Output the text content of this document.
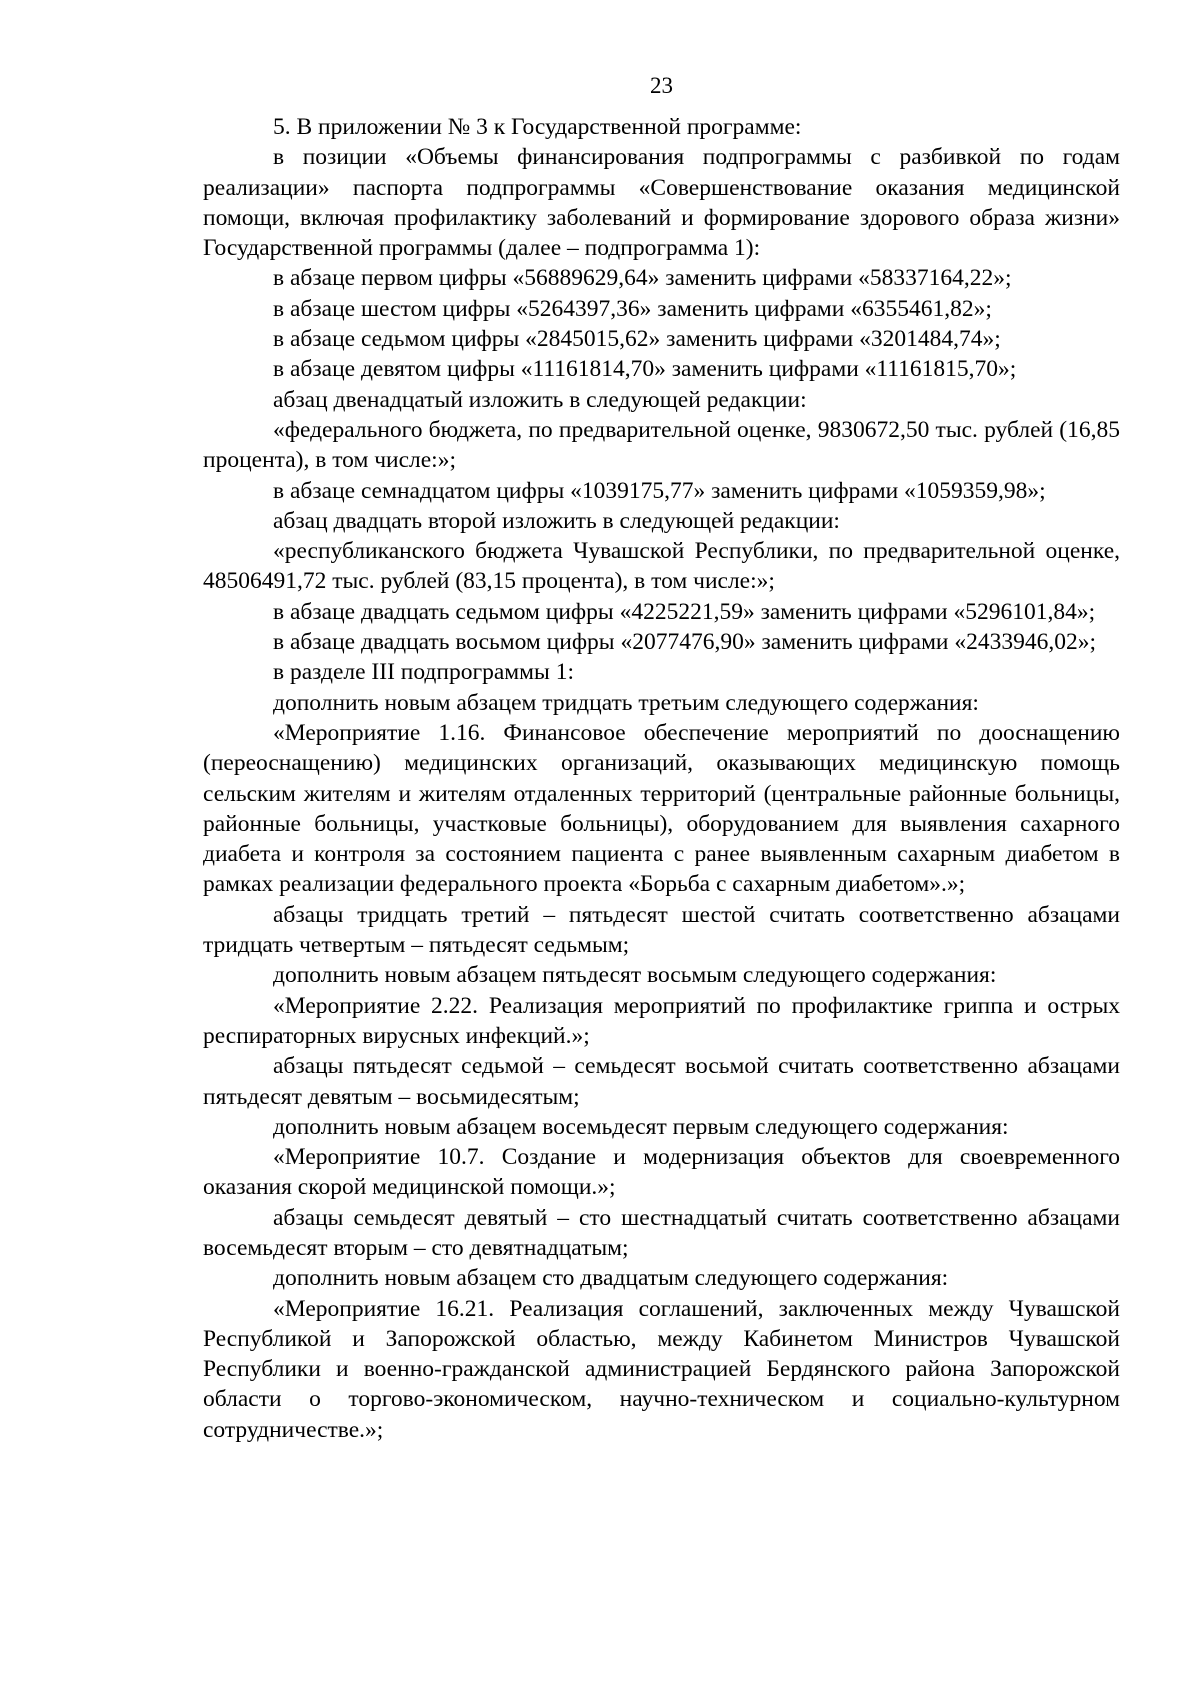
23

5. В приложении № 3 к Государственной программе:

в позиции «Объемы финансирования подпрограммы с разбивкой по годам реализации» паспорта подпрограммы «Совершенствование оказания медицинской помощи, включая профилактику заболеваний и формирование здорового образа жизни» Государственной программы (далее – подпрограмма 1):

в абзаце первом цифры «56889629,64» заменить цифрами «58337164,22»;

в абзаце шестом цифры «5264397,36» заменить цифрами «6355461,82»;

в абзаце седьмом цифры «2845015,62» заменить цифрами «3201484,74»;

в абзаце девятом цифры «11161814,70» заменить цифрами «11161815,70»;

абзац двенадцатый изложить в следующей редакции:

«федерального бюджета, по предварительной оценке, 9830672,50 тыс. рублей (16,85 процента), в том числе:»;

в абзаце семнадцатом цифры «1039175,77» заменить цифрами «1059359,98»;

абзац двадцать второй изложить в следующей редакции:

«республиканского бюджета Чувашской Республики, по предварительной оценке, 48506491,72 тыс. рублей (83,15 процента), в том числе:»;

в абзаце двадцать седьмом цифры «4225221,59» заменить цифрами «5296101,84»;

в абзаце двадцать восьмом цифры «2077476,90» заменить цифрами «2433946,02»;

в разделе III подпрограммы 1:

дополнить новым абзацем тридцать третьим следующего содержания:

«Мероприятие 1.16. Финансовое обеспечение мероприятий по дооснащению (переоснащению) медицинских организаций, оказывающих медицинскую помощь сельским жителям и жителям отдаленных территорий (центральные районные больницы, районные больницы, участковые больницы), оборудованием для выявления сахарного диабета и контроля за состоянием пациента с ранее выявленным сахарным диабетом в рамках реализации федерального проекта «Борьба с сахарным диабетом».»;

абзацы тридцать третий – пятьдесят шестой считать соответственно абзацами тридцать четвертым – пятьдесят седьмым;

дополнить новым абзацем пятьдесят восьмым следующего содержания:

«Мероприятие 2.22. Реализация мероприятий по профилактике гриппа и острых респираторных вирусных инфекций.»;

абзацы пятьдесят седьмой – семьдесят восьмой считать соответственно абзацами пятьдесят девятым – восьмидесятым;

дополнить новым абзацем восемьдесят первым следующего содержания:

«Мероприятие 10.7. Создание и модернизация объектов для своевременного оказания скорой медицинской помощи.»;

абзацы семьдесят девятый – сто шестнадцатый считать соответственно абзацами восемьдесят вторым – сто девятнадцатым;

дополнить новым абзацем сто двадцатым следующего содержания:

«Мероприятие 16.21. Реализация соглашений, заключенных между Чувашской Республикой и Запорожской областью, между Кабинетом Министров Чувашской Республики и военно-гражданской администрацией Бердянского района Запорожской области о торгово-экономическом, научно-техническом и социально-культурном сотрудничестве.»;
